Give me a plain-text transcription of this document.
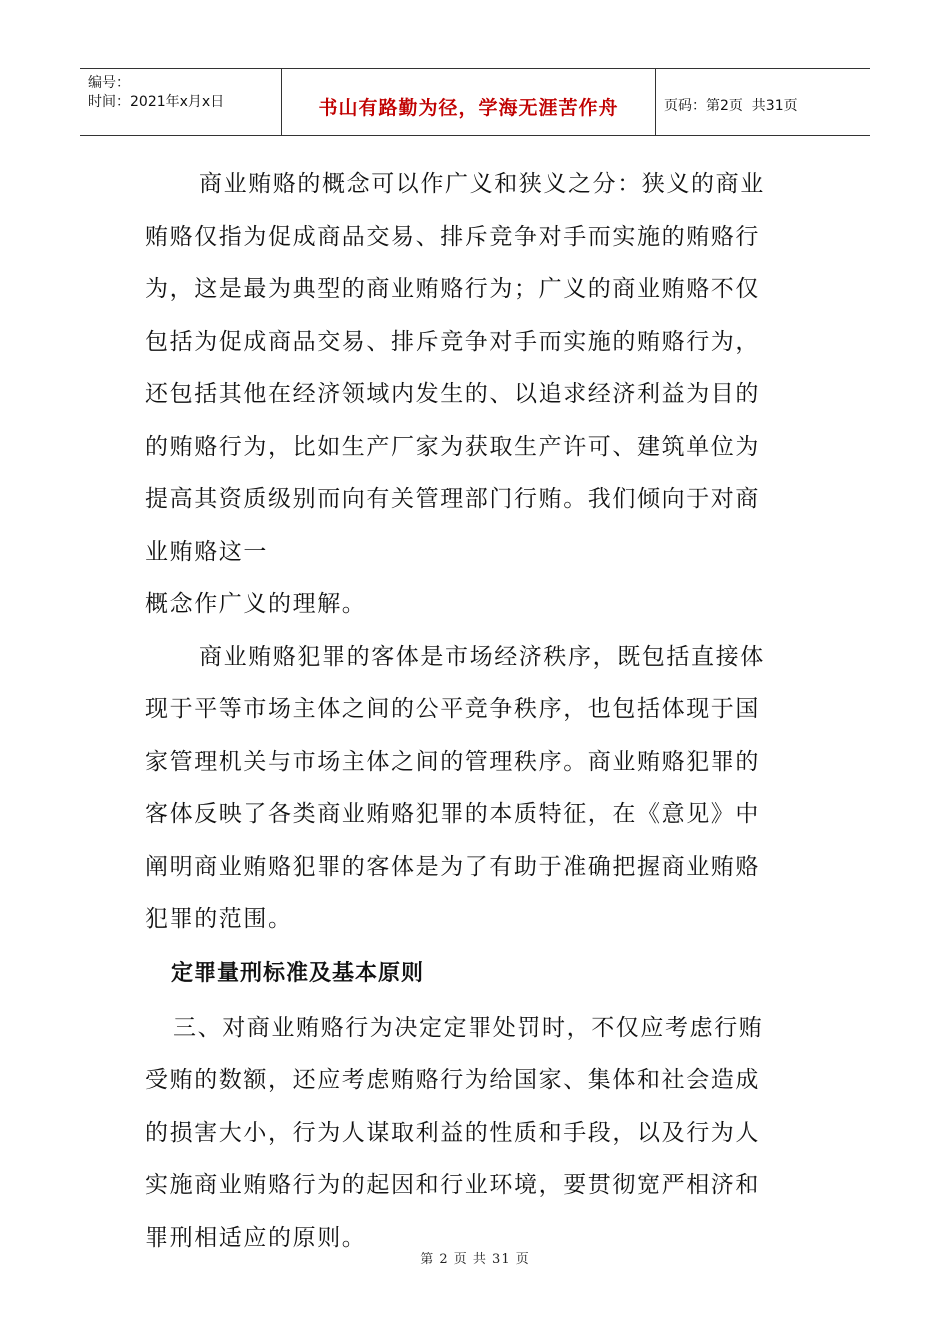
编号：
时间：2021年x月x日	书山有路勤为径，学海无涯苦作舟	页码：第2页  共31页

商业贿赂的概念可以作广义和狭义之分：狭义的商业
贿赂仅指为促成商品交易、排斥竞争对手而实施的贿赂行
为，这是最为典型的商业贿赂行为；广义的商业贿赂不仅
包括为促成商品交易、排斥竞争对手而实施的贿赂行为，
还包括其他在经济领域内发生的、以追求经济利益为目的
的贿赂行为，比如生产厂家为获取生产许可、建筑单位为
提高其资质级别而向有关管理部门行贿。我们倾向于对商
业贿赂这一

概念作广义的理解。

商业贿赂犯罪的客体是市场经济秩序，既包括直接体
现于平等市场主体之间的公平竞争秩序，也包括体现于国
家管理机关与市场主体之间的管理秩序。商业贿赂犯罪的
客体反映了各类商业贿赂犯罪的本质特征，在《意见》中
阐明商业贿赂犯罪的客体是为了有助于准确把握商业贿赂
犯罪的范围。

定罪量刑标准及基本原则

三、对商业贿赂行为决定定罪处罚时，不仅应考虑行贿
受贿的数额，还应考虑贿赂行为给国家、集体和社会造成
的损害大小，行为人谋取利益的性质和手段，以及行为人
实施商业贿赂行为的起因和行业环境，要贯彻宽严相济和
罪刑相适应的原则。

第 2 页 共 31 页
